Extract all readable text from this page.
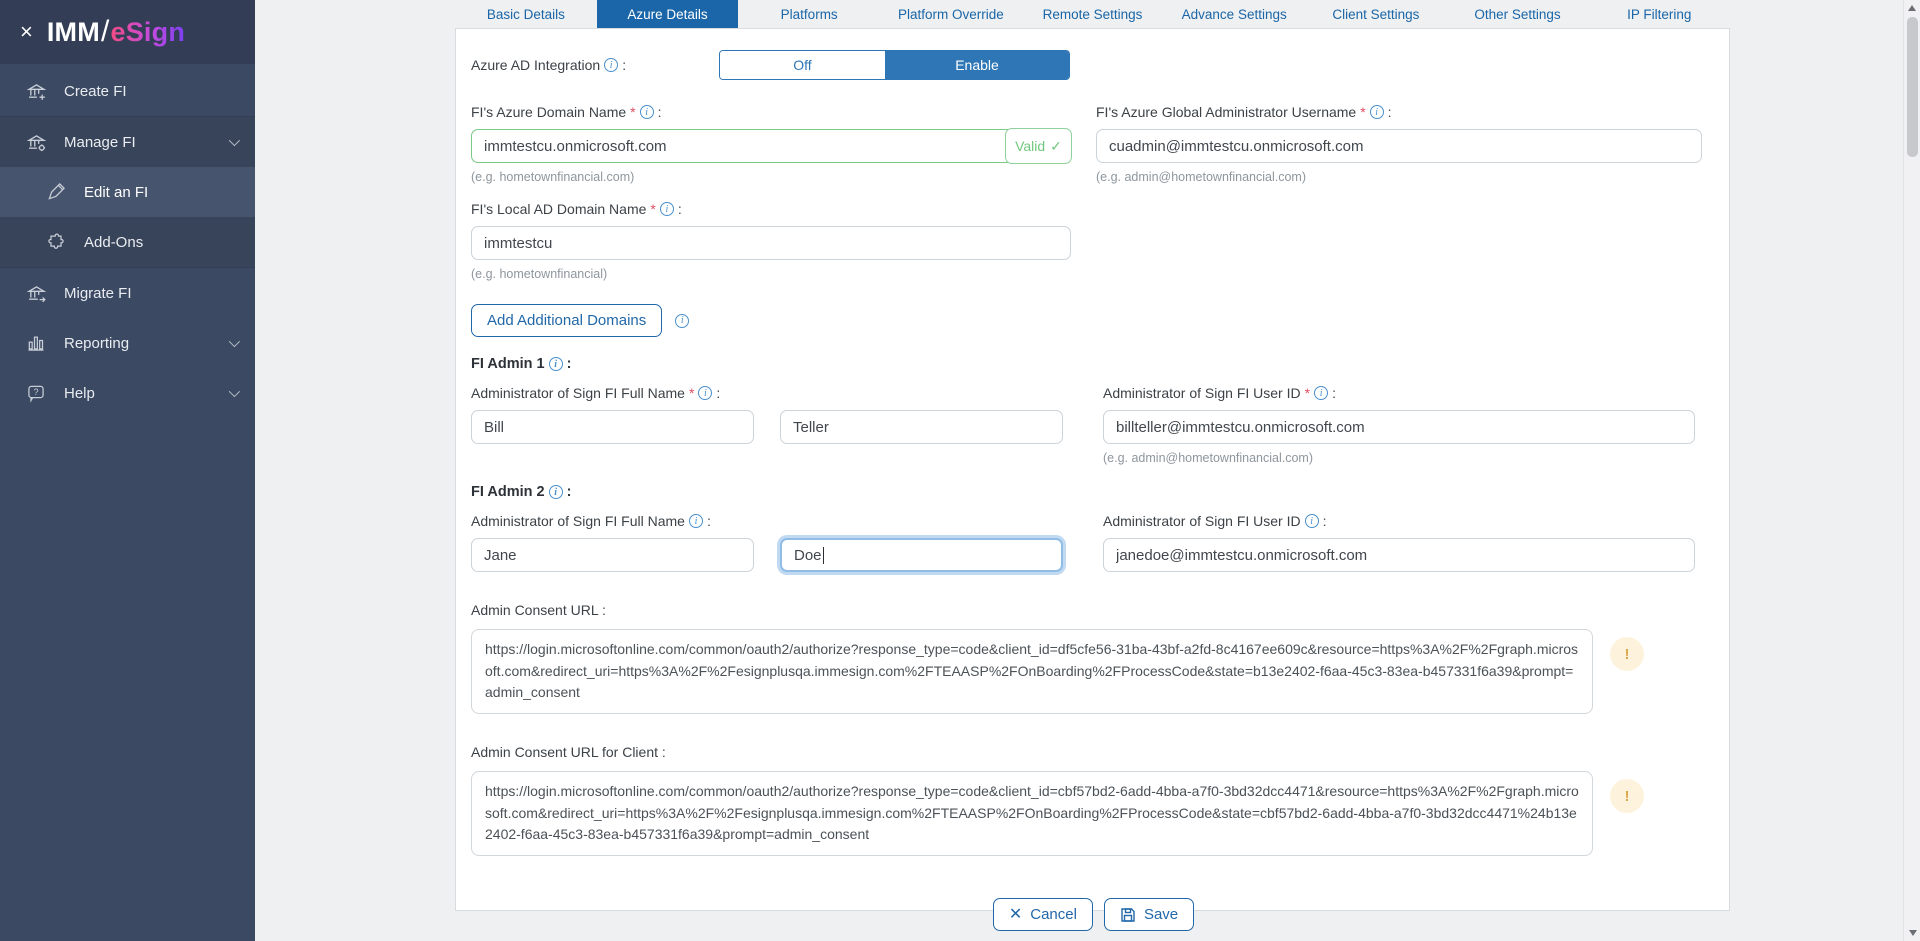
× IMM/eSign
Create FI
Manage FI
Edit an FI
Add-Ons
Migrate FI
Reporting
? Help
Basic Details	Azure Details	Platforms	Platform Override	Remote Settings	Advance Settings	Client Settings	Other Settings	IP Filtering
Azure AD Integration i :	Off	Enable
FI's Azure Domain Name * i :
immtestcu.onmicrosoft.com
Valid ✓
(e.g. hometownfinancial.com)
FI's Azure Global Administrator Username * i :
cuadmin@immtestcu.onmicrosoft.com
(e.g. admin@hometownfinancial.com)
FI's Local AD Domain Name * i :
immtestcu
(e.g. hometownfinancial)
Add Additional Domains	i
FI Admin 1 i :
Administrator of Sign FI Full Name * i :
Bill
Teller	Administrator of Sign FI User ID * i :
billteller@immtestcu.onmicrosoft.com
(e.g. admin@hometownfinancial.com)
FI Admin 2 i :
Administrator of Sign FI Full Name i :
Jane
Doe
Administrator of Sign FI User ID i :
janedoe@immtestcu.onmicrosoft.com
Admin Consent URL :
https://login.microsoftonline.com/common/oauth2/authorize?response_type=code&client_id=df5cfe56-31ba-43bf-a2fd-8c4167ee609c&resource=https%3A%2F%2Fgraph.microsoft.com&redirect_uri=https%3A%2F%2Fesignplusqa.immesign.com%2FTEAASP%2FOnBoarding%2FProcessCode&state=b13e2402-f6aa-45c3-83ea-b457331f6a39&prompt=admin_consent
!
Admin Consent URL for Client :
https://login.microsoftonline.com/common/oauth2/authorize?response_type=code&client_id=cbf57bd2-6add-4bba-a7f0-3bd32dcc4471&resource=https%3A%2F%2Fgraph.microsoft.com&redirect_uri=https%3A%2F%2Fesignplusqa.immesign.com%2FTEAASP%2FOnBoarding%2FProcessCode&state=cbf57bd2-6add-4bba-a7f0-3bd32dcc4471%24b13e2402-f6aa-45c3-83ea-b457331f6a39&prompt=admin_consent
!
✕ Cancel	Save
